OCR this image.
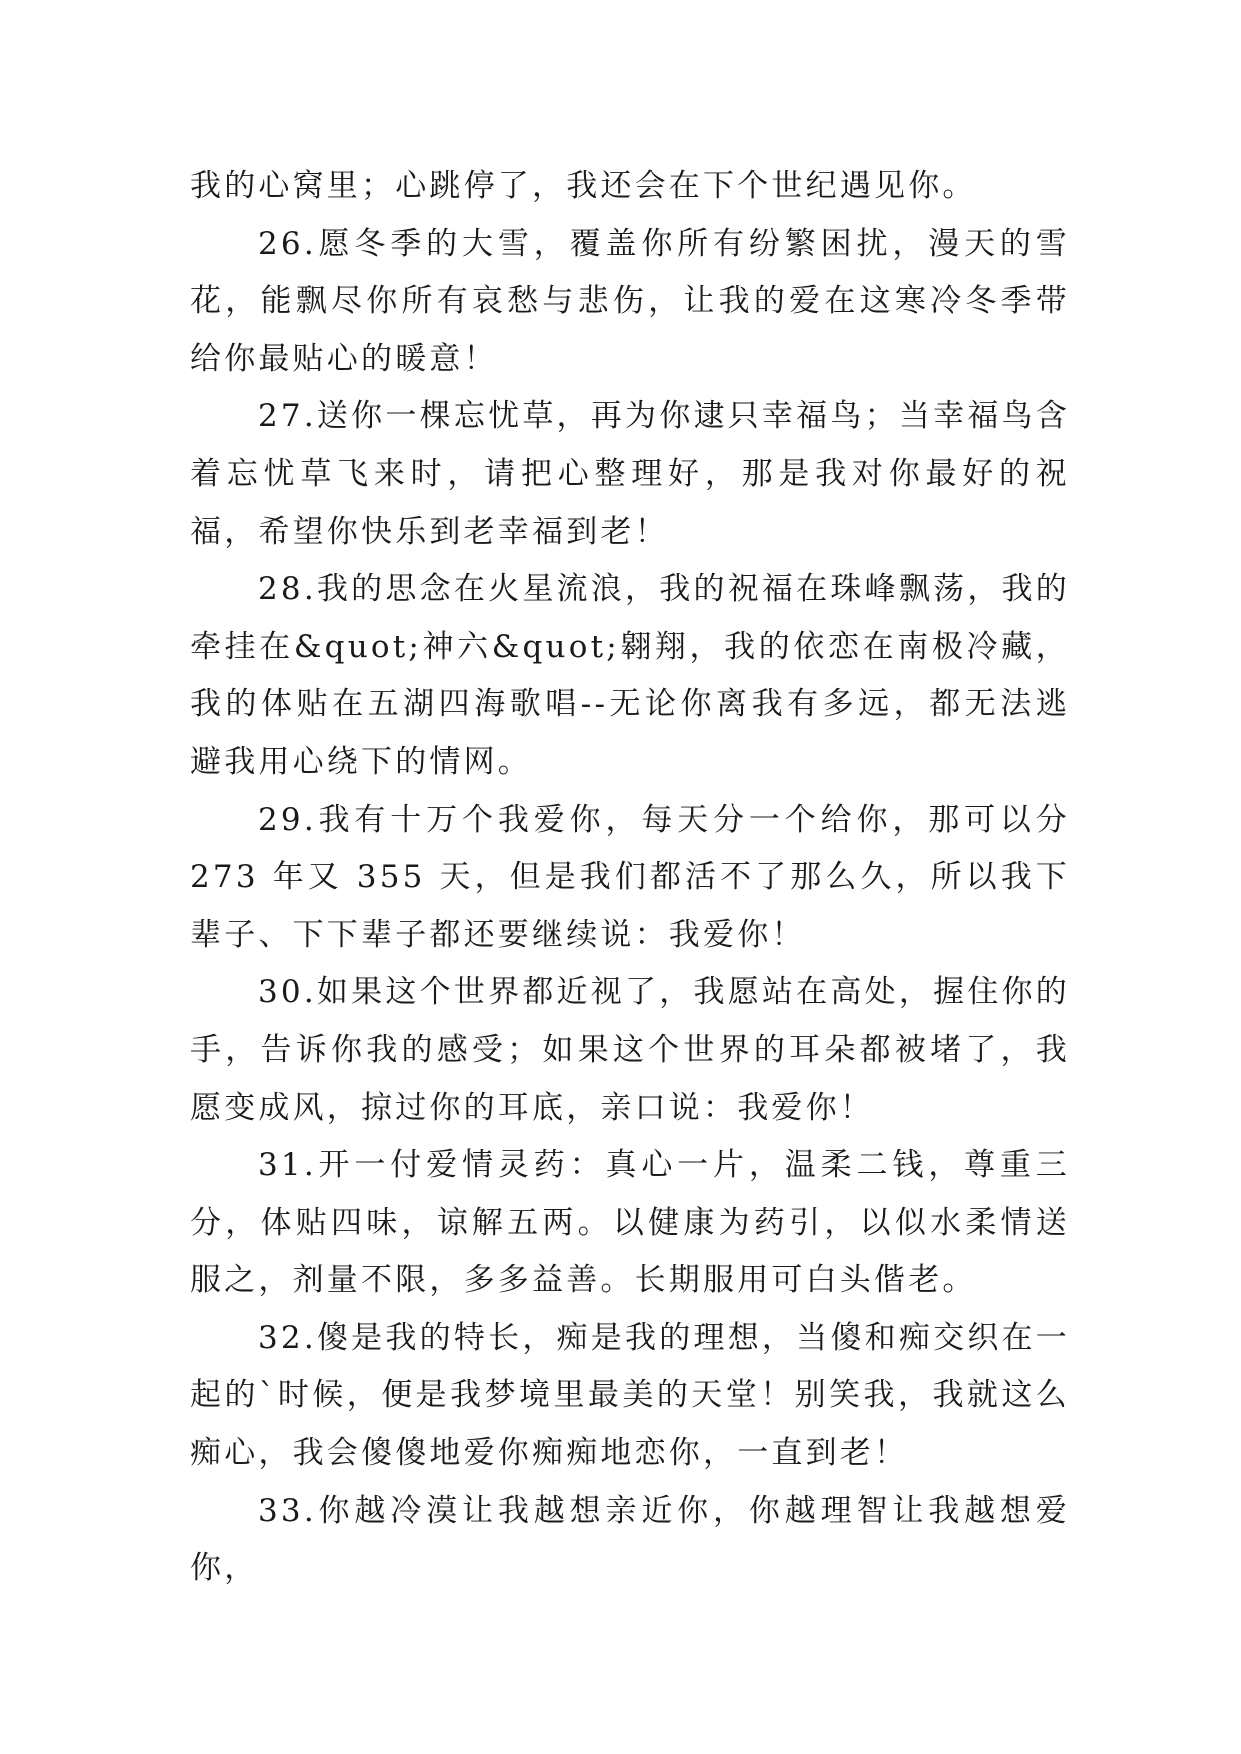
我的心窝里；心跳停了，我还会在下个世纪遇见你。

26.愿冬季的大雪，覆盖你所有纷繁困扰，漫天的雪花，能飘尽你所有哀愁与悲伤，让我的爱在这寒冷冬季带给你最贴心的暖意！

27.送你一棵忘忧草，再为你逮只幸福鸟；当幸福鸟含着忘忧草飞来时，请把心整理好，那是我对你最好的祝福，希望你快乐到老幸福到老！

28.我的思念在火星流浪，我的祝福在珠峰飘荡，我的牵挂在&quot;神六&quot;翱翔，我的依恋在南极冷藏，我的体贴在五湖四海歌唱--无论你离我有多远，都无法逃避我用心绕下的情网。

29.我有十万个我爱你，每天分一个给你，那可以分 273 年又 355 天，但是我们都活不了那么久，所以我下辈子、下下辈子都还要继续说：我爱你！

30.如果这个世界都近视了，我愿站在高处，握住你的手，告诉你我的感受；如果这个世界的耳朵都被堵了，我愿变成风，掠过你的耳底，亲口说：我爱你！

31.开一付爱情灵药：真心一片，温柔二钱，尊重三分，体贴四味，谅解五两。以健康为药引，以似水柔情送服之，剂量不限，多多益善。长期服用可白头偕老。

32.傻是我的特长，痴是我的理想，当傻和痴交织在一起的`时候，便是我梦境里最美的天堂！别笑我，我就这么痴心，我会傻傻地爱你痴痴地恋你，一直到老！

33.你越冷漠让我越想亲近你，你越理智让我越想爱你，
